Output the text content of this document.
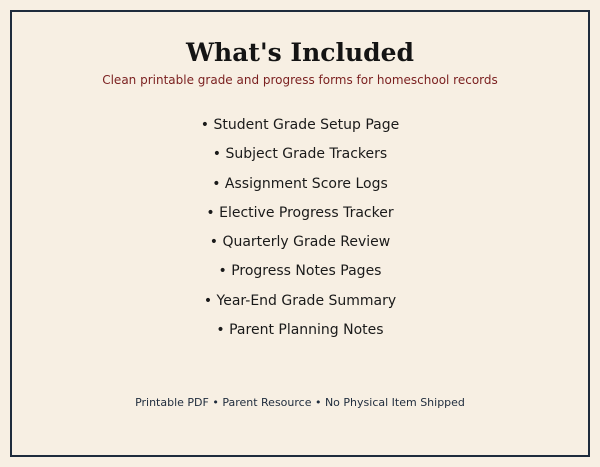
What's Included
Clean printable grade and progress forms for homeschool records
• Student Grade Setup Page
• Subject Grade Trackers
• Assignment Score Logs
• Elective Progress Tracker
• Quarterly Grade Review
• Progress Notes Pages
• Year-End Grade Summary
• Parent Planning Notes
Printable PDF • Parent Resource • No Physical Item Shipped
